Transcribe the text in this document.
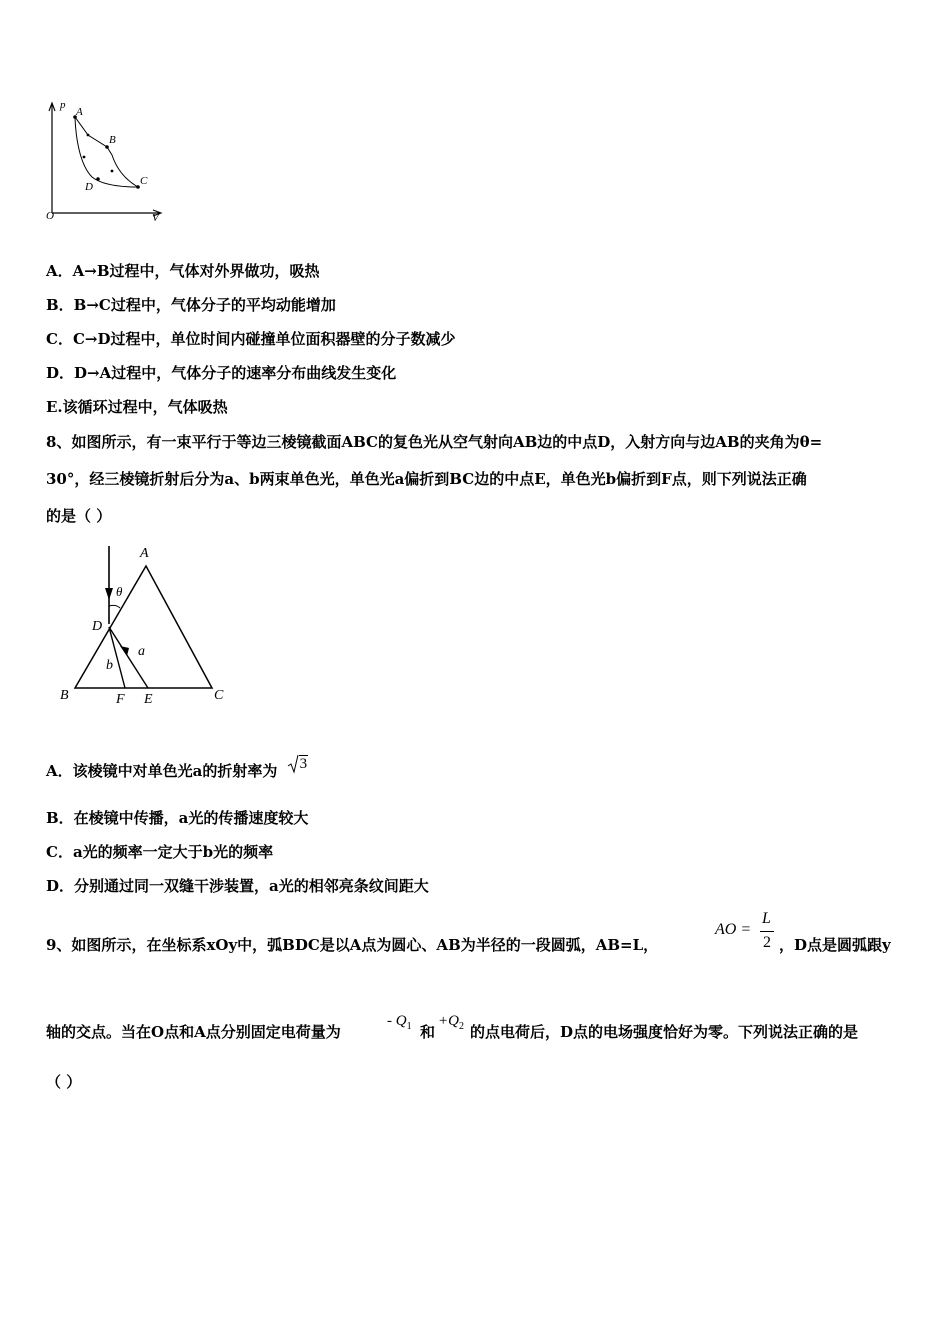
p
V
O
A
B
C
D
A．A→B过程中，气体对外界做功，吸热
B．B→C过程中，气体分子的平均动能增加
C．C→D过程中，单位时间内碰撞单位面积器壁的分子数减少
D．D→A过程中，气体分子的速率分布曲线发生变化
E.该循环过程中，气体吸热
8、如图所示，有一束平行于等边三棱镜截面ABC的复色光从空气射向AB边的中点D，入射方向与边AB的夹角为θ=
30°，经三棱镜折射后分为a、b两束单色光，单色光a偏折到BC边的中点E，单色光b偏折到F点，则下列说法正确
的是（ ）
A
θ
D
a
b
B	F E	C
A．该棱镜中对单色光a的折射率为 3
B．在棱镜中传播，a光的传播速度较大
C．a光的频率一定大于b光的频率
D．分别通过同一双缝干涉装置，a光的相邻亮条纹间距大
9、如图所示，在坐标系xOy中，弧BDC是以A点为圆心、AB为半径的一段圆弧，AB=L，
AO =
L
2 ，D点是圆弧跟y
轴的交点。当在O点和A点分别固定电荷量为
- $Q_1$ 和
$+Q_2$ 的点电荷后，D点的电场强度恰好为零。下列说法正确的是
（ ）
